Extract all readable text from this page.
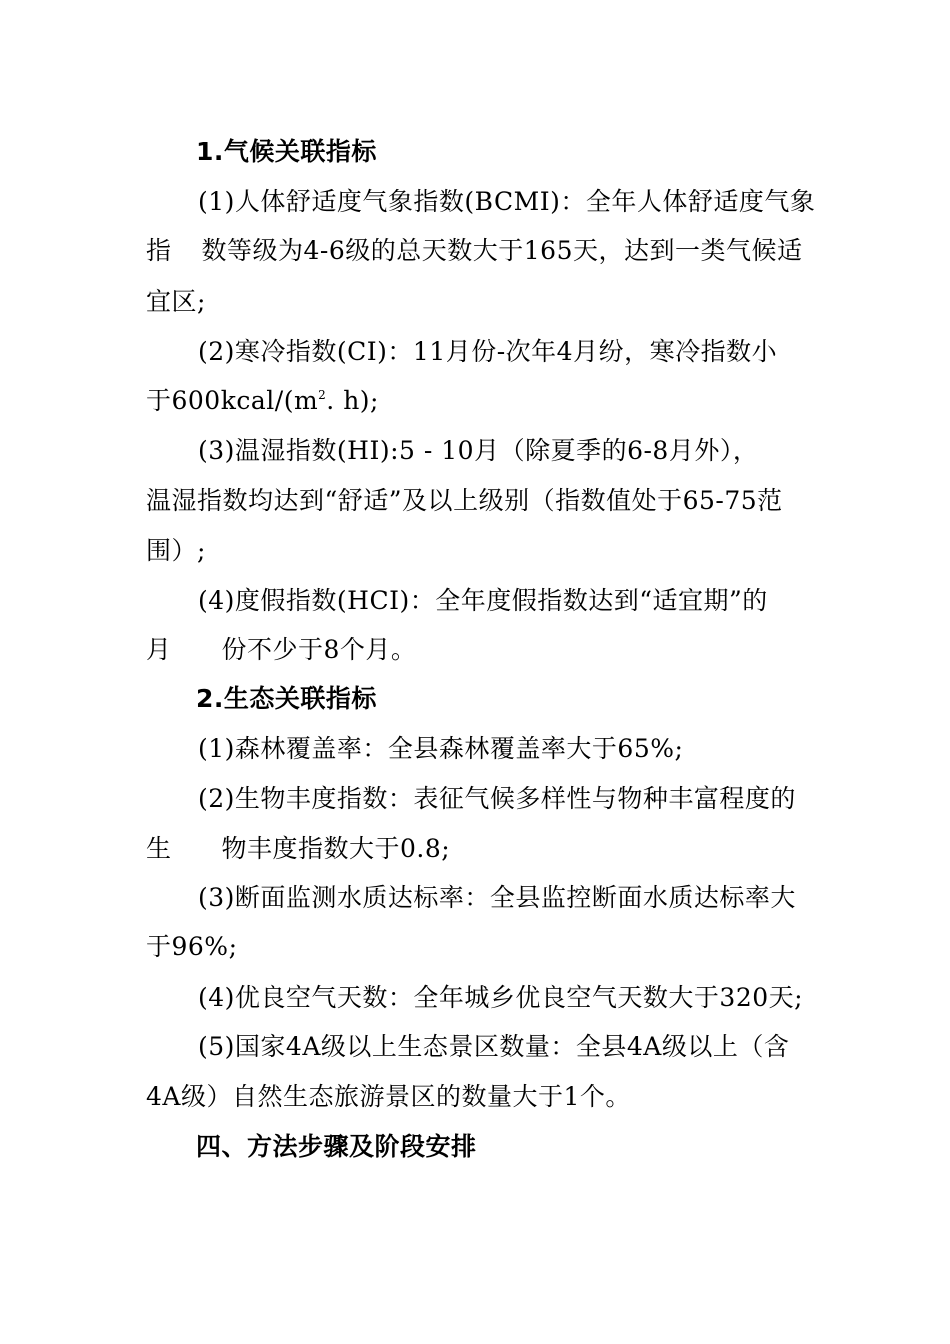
1.气候关联指标
(1)人体舒适度气象指数(BCMI)：全年人体舒适度气象
指 数等级为4-6级的总天数大于165天，达到一类气候适
宜区;
(2)寒冷指数(CI)：11月份-次年4月纷，寒冷指数小
于$600kcal/(m^2$. h);
(3)温湿指数(HI):5 - 10月（除夏季的6-8月外），
温湿指数均达到“舒适”及以上级别（指数值处于65-75范
围）;
(4)度假指数(HCI)：全年度假指数达到“适宜期”的
月 份不少于8个月。
2.生态关联指标
(1)森林覆盖率：全县森林覆盖率大于65%;
(2)生物丰度指数：表征气候多样性与物种丰富程度的
生 物丰度指数大于0.8;
(3)断面监测水质达标率：全县监控断面水质达标率大
于96%;
(4)优良空气天数：全年城乡优良空气天数大于320天;
(5)国家4A级以上生态景区数量：全县4A级以上（含
4A级）自然生态旅游景区的数量大于1个。
四、方法步骤及阶段安排
